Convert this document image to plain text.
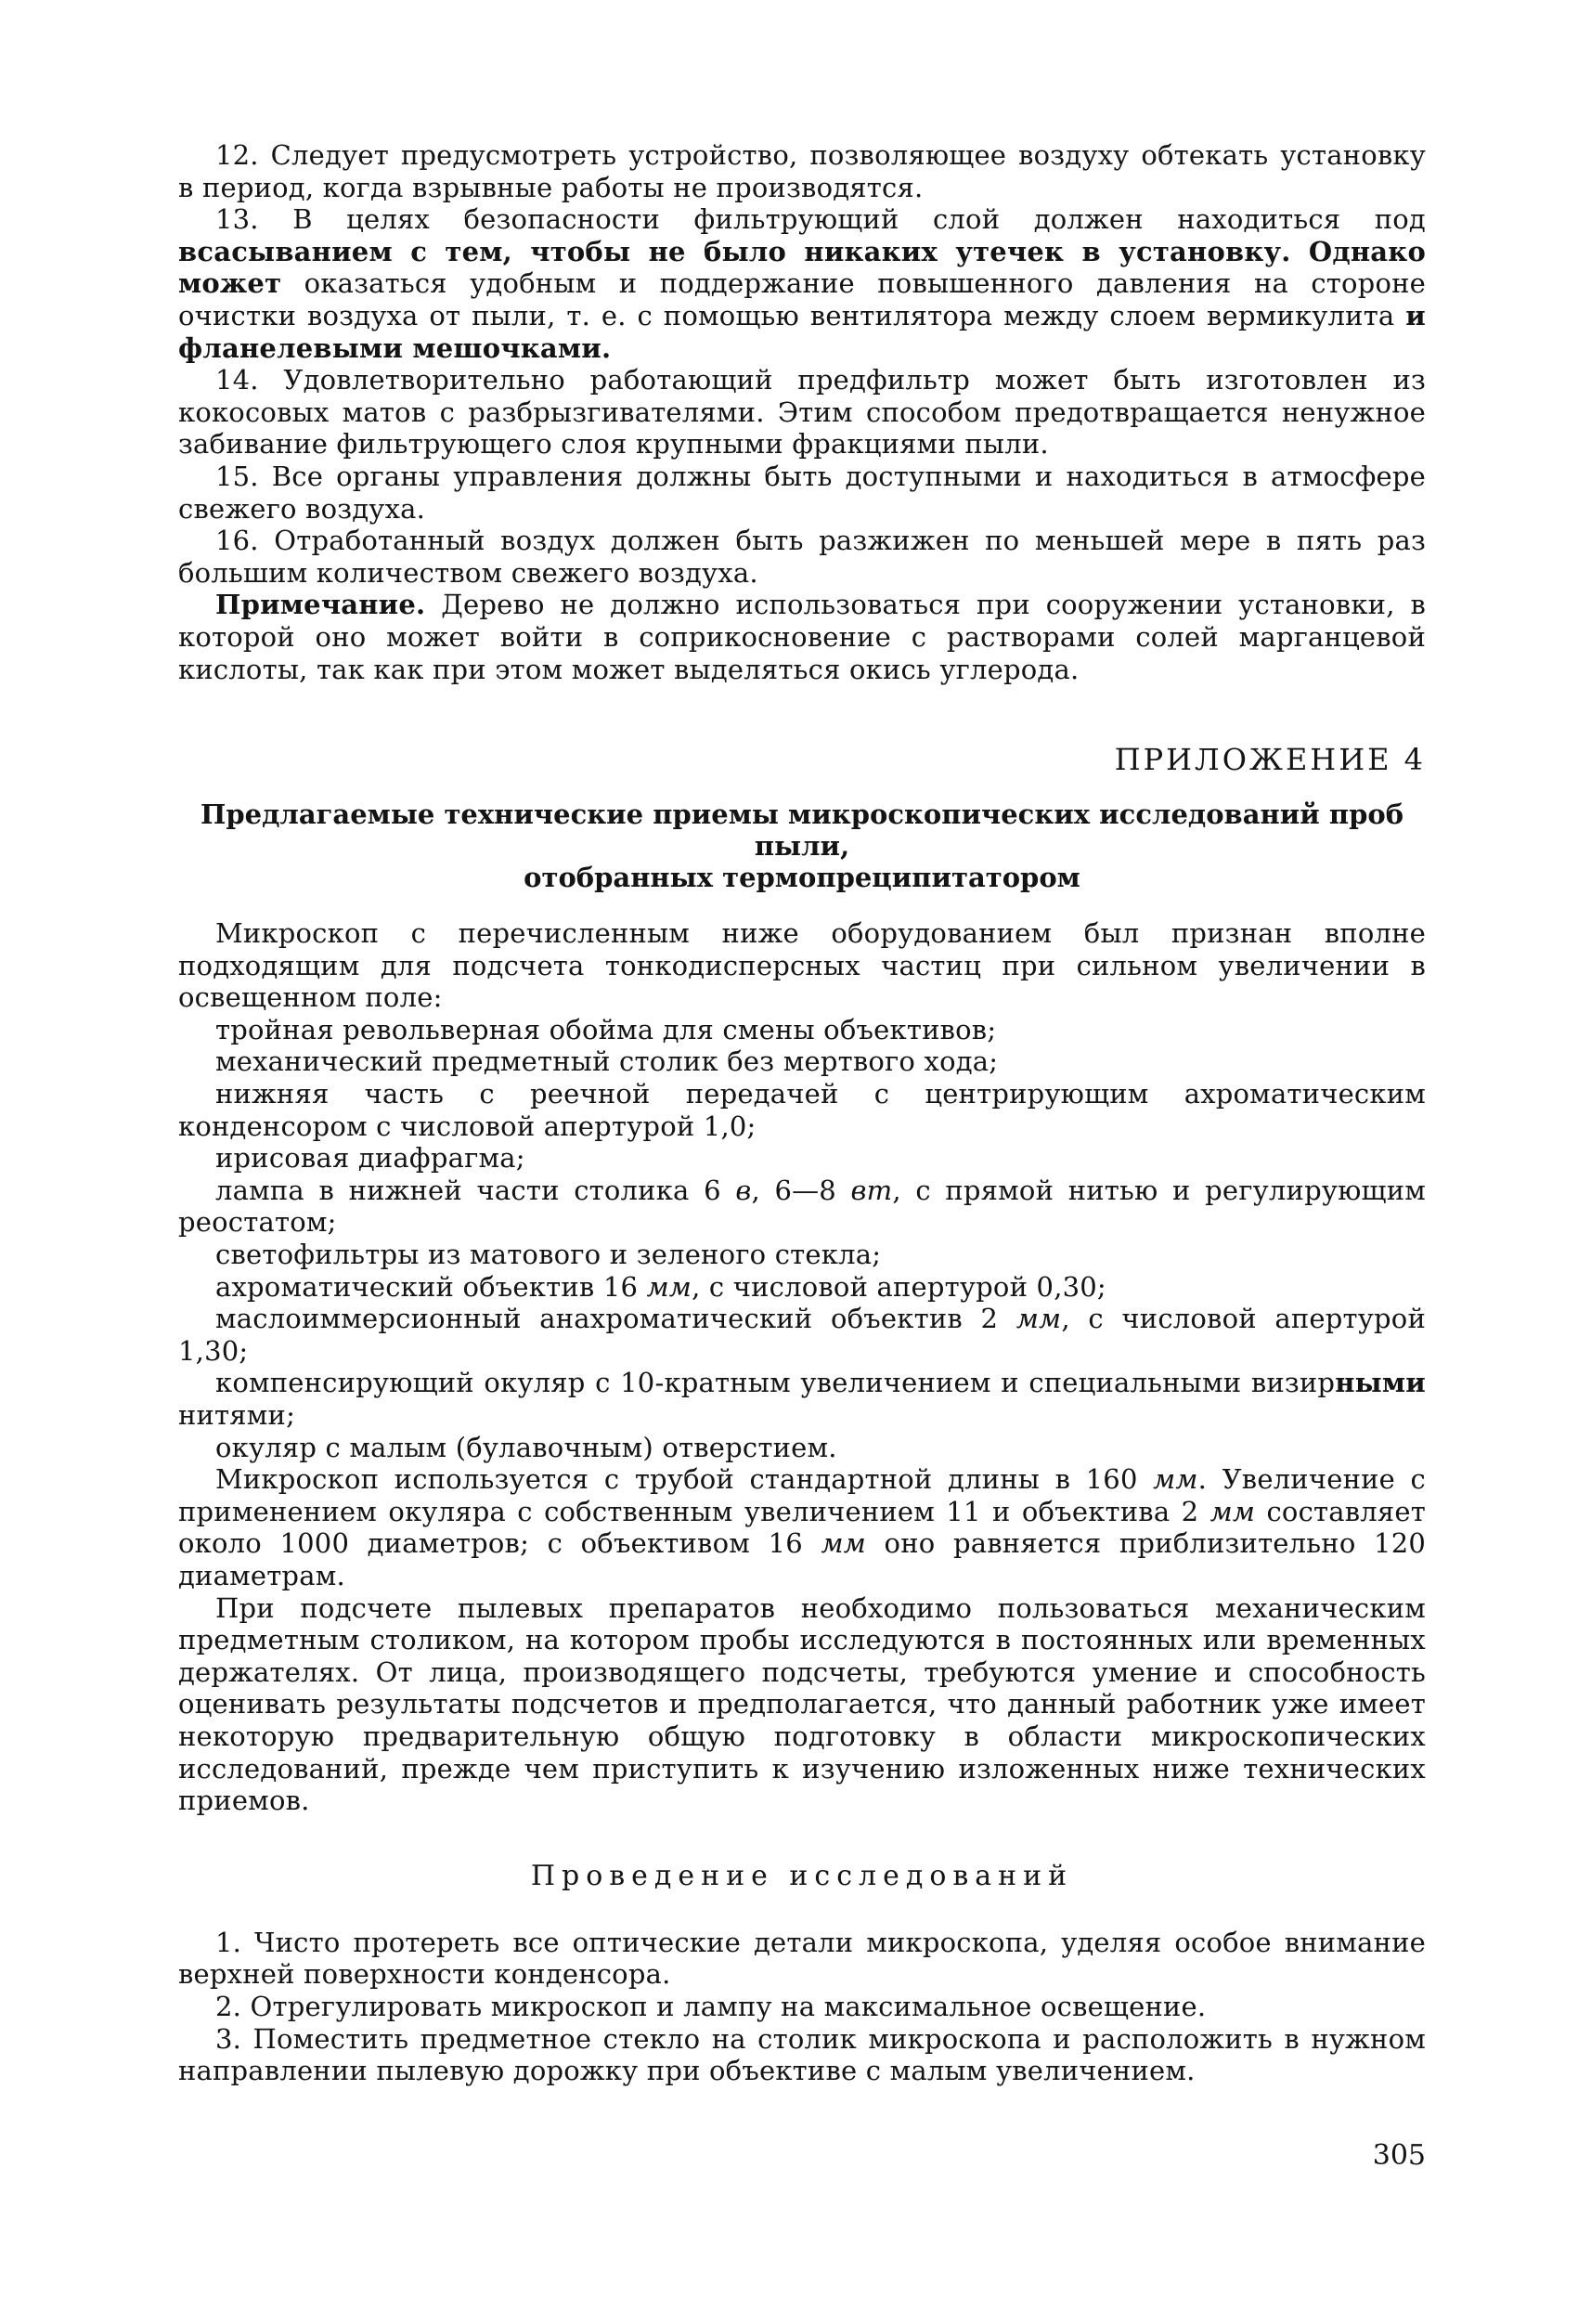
12. Следует предусмотреть устройство, позволяющее воздуху обтекать установку в период, когда взрывные работы не производятся.

13. В целях безопасности фильтрующий слой должен находиться под всасыванием с тем, чтобы не было никаких утечек в установку. Однако может оказаться удобным и поддержание повышенного давления на стороне очистки воздуха от пыли, т. е. с помощью вентилятора между слоем вермикулита и фланелевыми мешочками.

14. Удовлетворительно работающий предфильтр может быть изготовлен из кокосовых матов с разбрызгивателями. Этим способом предотвращается ненужное забивание фильтрующего слоя крупными фракциями пыли.

15. Все органы управления должны быть доступными и находиться в атмосфере свежего воздуха.

16. Отработанный воздух должен быть разжижен по меньшей мере в пять раз большим количеством свежего воздуха.

Примечание. Дерево не должно использоваться при сооружении установки, в которой оно может войти в соприкосновение с растворами солей марганцевой кислоты, так как при этом может выделяться окись углерода.

ПРИЛОЖЕНИЕ 4
Предлагаемые технические приемы микроскопических исследований проб пыли,
отобранных термопреципитатором

Микроскоп с перечисленным ниже оборудованием был признан вполне подходящим для подсчета тонкодисперсных частиц при сильном увеличении в освещенном поле:

тройная револьверная обойма для смены объективов;

механический предметный столик без мертвого хода;

нижняя часть с реечной передачей с центрирующим ахроматическим конденсором с числовой апертурой 1,0;

ирисовая диафрагма;

лампа в нижней части столика 6 в, 6—8 вт, с прямой нитью и регулирующим реостатом;

светофильтры из матового и зеленого стекла;

ахроматический объектив 16 мм, с числовой апертурой 0,30;

маслоиммерсионный анахроматический объектив 2 мм, с числовой апертурой 1,30;

компенсирующий окуляр с 10-кратным увеличением и специальными визирными нитями;

окуляр с малым (булавочным) отверстием.

Микроскоп используется с трубой стандартной длины в 160 мм. Увеличение с применением окуляра с собственным увеличением 11 и объектива 2 мм составляет около 1000 диаметров; с объективом 16 мм оно равняется приблизительно 120 диаметрам.

При подсчете пылевых препаратов необходимо пользоваться механическим предметным столиком, на котором пробы исследуются в постоянных или временных держателях. От лица, производящего подсчеты, требуются умение и способность оценивать результаты подсчетов и предполагается, что данный работник уже имеет некоторую предварительную общую подготовку в области микроскопических исследований, прежде чем приступить к изучению изложенных ниже технических приемов.

Проведение исследований

1. Чисто протереть все оптические детали микроскопа, уделяя особое внимание верхней поверхности конденсора.

2. Отрегулировать микроскоп и лампу на максимальное освещение.

3. Поместить предметное стекло на столик микроскопа и расположить в нужном направлении пылевую дорожку при объективе с малым увеличением.

305
